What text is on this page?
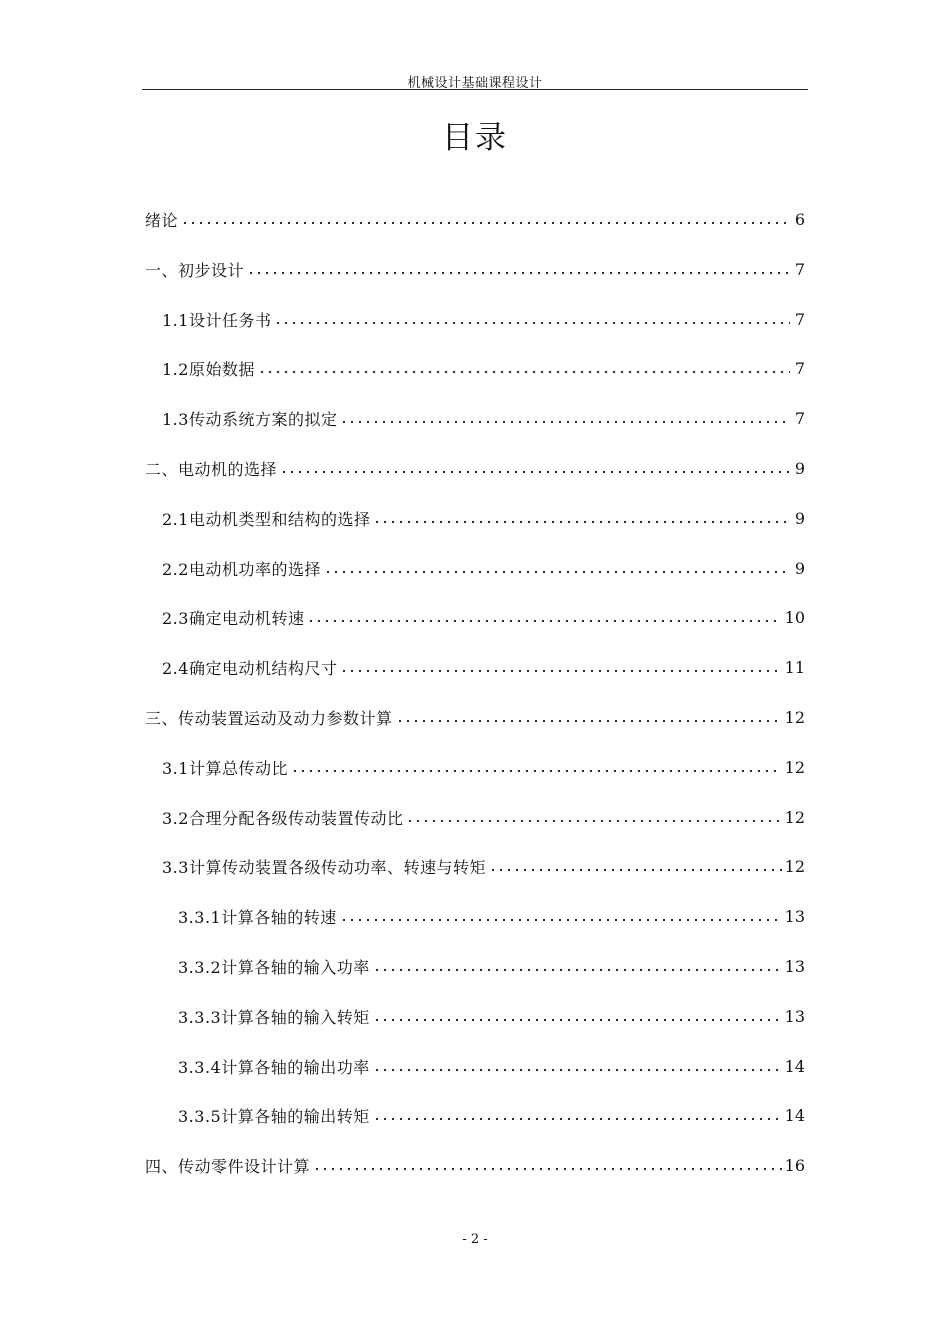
机械设计基础课程设计
目录
绪论	6
一、初步设计	7
1.1设计任务书	7
1.2原始数据	7
1.3传动系统方案的拟定	7
二、电动机的选择	9
2.1电动机类型和结构的选择	9
2.2电动机功率的选择	9
2.3确定电动机转速	10
2.4确定电动机结构尺寸	11
三、传动装置运动及动力参数计算	12
3.1计算总传动比	12
3.2合理分配各级传动装置传动比	12
3.3计算传动装置各级传动功率、转速与转矩	12
3.3.1计算各轴的转速	13
3.3.2计算各轴的输入功率	13
3.3.3计算各轴的输入转矩	13
3.3.4计算各轴的输出功率	14
3.3.5计算各轴的输出转矩	14
四、传动零件设计计算	16
- 2 -
